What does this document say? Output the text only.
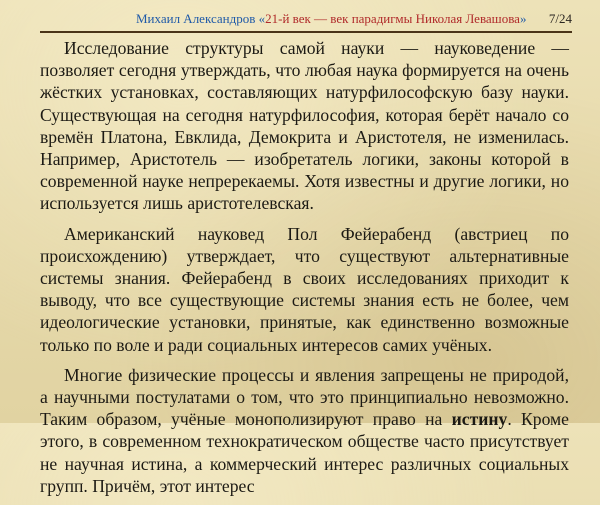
Михаил Александров «21-й век — век парадигмы Николая Левашова» 7/24

Исследование структуры самой науки — науковедение — позволяет сегодня утверждать, что любая наука формируется на очень жёстких установках, составляющих натурфилософскую базу науки. Существующая на сегодня натурфилософия, которая берёт начало со времён Платона, Евклида, Демокрита и Аристотеля, не изменилась. Например, Аристотель — изобретатель логики, законы которой в современной науке непререкаемы. Хотя известны и другие логики, но используется лишь аристотелевская.

Американский науковед Пол Фейерабенд (австриец по происхождению) утверждает, что существуют альтернативные системы знания. Фейерабенд в своих исследованиях приходит к выводу, что все существующие системы знания есть не более, чем идеологические установки, принятые, как единственно возможные только по воле и ради социальных интересов самих учёных.

Многие физические процессы и явления запрещены не природой, а научными постулатами о том, что это принципиально невозможно. Таким образом, учёные монополизируют право на истину. Кроме этого, в современном технократическом обществе часто присутствует не научная истина, а коммерческий интерес различных социальных групп. Причём, этот интерес
